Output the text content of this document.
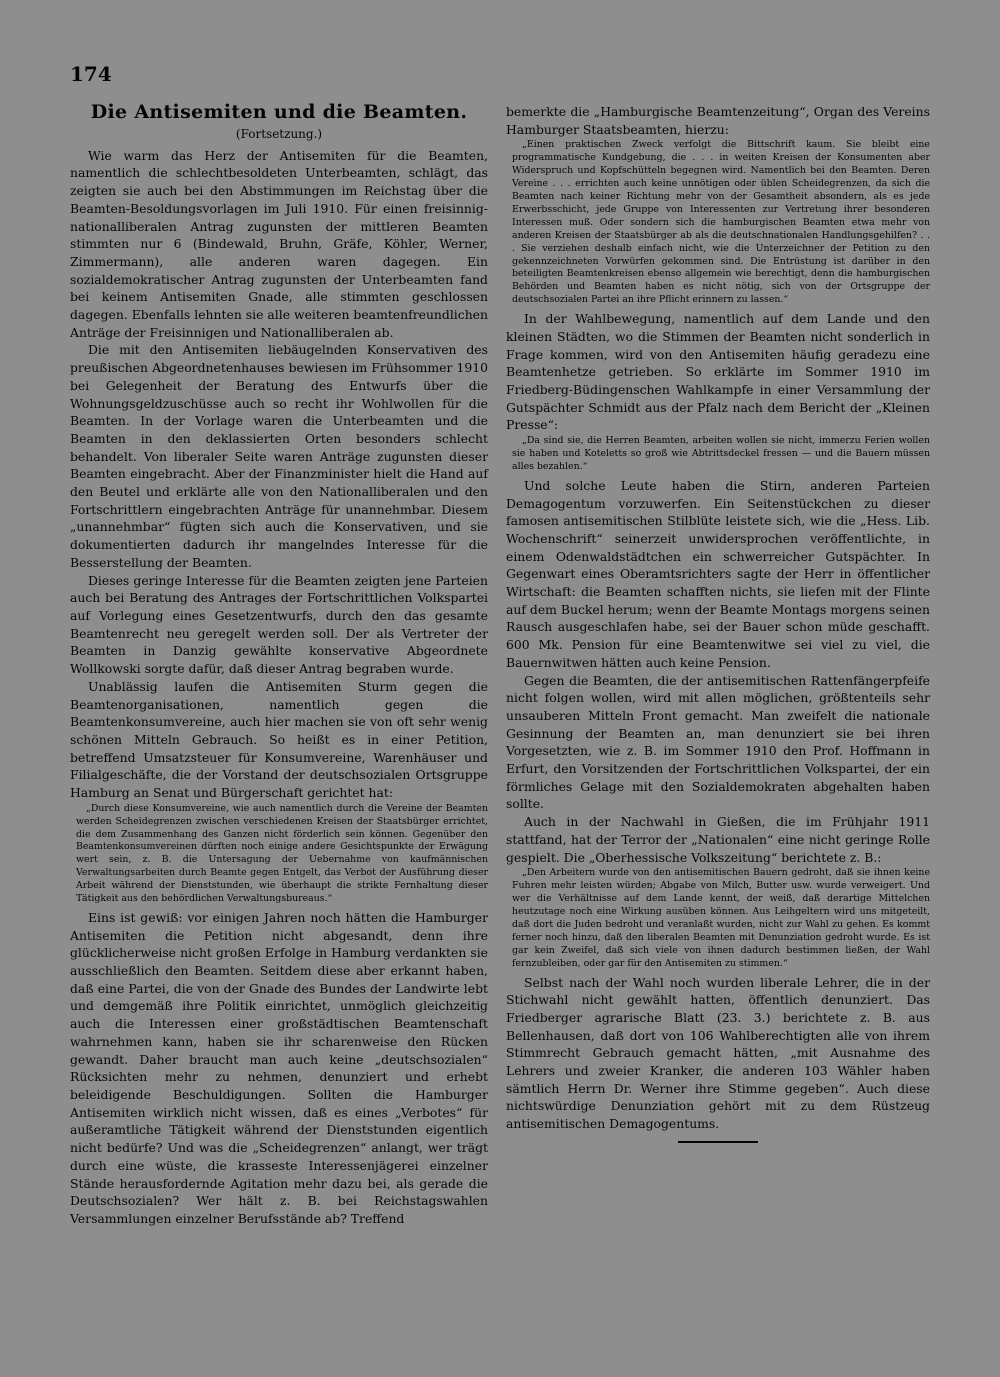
174
Die Antisemiten und die Beamten.
(Fortsetzung.)

Wie warm das Herz der Antisemiten für die Beamten, namentlich die schlechtbesoldeten Unterbeamten, schlägt, das zeigten sie auch bei den Abstimmungen im Reichstag über die Beamten-Besoldungsvorlagen im Juli 1910. Für einen freisinnig-nationalliberalen Antrag zugunsten der mittleren Beamten stimmten nur 6 (Bindewald, Bruhn, Gräfe, Köhler, Werner, Zimmermann), alle anderen waren dagegen. Ein sozialdemokratischer Antrag zugunsten der Unterbeamten fand bei keinem Antisemiten Gnade, alle stimmten geschlossen dagegen. Ebenfalls lehnten sie alle weiteren beamtenfreundlichen Anträge der Freisinnigen und Nationalliberalen ab.

Die mit den Antisemiten liebäugelnden Konservativen des preußischen Abgeordnetenhauses bewiesen im Frühsommer 1910 bei Gelegenheit der Beratung des Entwurfs über die Wohnungsgeldzuschüsse auch so recht ihr Wohlwollen für die Beamten. In der Vorlage waren die Unterbeamten und die Beamten in den deklassierten Orten besonders schlecht behandelt. Von liberaler Seite waren Anträge zugunsten dieser Beamten eingebracht. Aber der Finanzminister hielt die Hand auf den Beutel und erklärte alle von den Nationalliberalen und den Fortschrittlern eingebrachten Anträge für unannehmbar. Diesem „unannehmbar“ fügten sich auch die Konservativen, und sie dokumentierten dadurch ihr mangelndes Interesse für die Besserstellung der Beamten.

Dieses geringe Interesse für die Beamten zeigten jene Parteien auch bei Beratung des Antrages der Fortschrittlichen Volkspartei auf Vorlegung eines Gesetzentwurfs, durch den das gesamte Beamtenrecht neu geregelt werden soll. Der als Vertreter der Beamten in Danzig gewählte konservative Abgeordnete Wollkowski sorgte dafür, daß dieser Antrag begraben wurde.

Unablässig laufen die Antisemiten Sturm gegen die Beamtenorganisationen, namentlich gegen die Beamtenkonsumvereine, auch hier machen sie von oft sehr wenig schönen Mitteln Gebrauch. So heißt es in einer Petition, betreffend Umsatzsteuer für Konsumvereine, Warenhäuser und Filialgeschäfte, die der Vorstand der deutschsozialen Ortsgruppe Hamburg an Senat und Bürgerschaft gerichtet hat:

„Durch diese Konsumvereine, wie auch namentlich durch die Vereine der Beamten werden Scheidegrenzen zwischen verschiedenen Kreisen der Staatsbürger errichtet, die dem Zusammenhang des Ganzen nicht förderlich sein können. Gegenüber den Beamtenkonsumvereinen dürften noch einige andere Gesichtspunkte der Erwägung wert sein, z. B. die Untersagung der Uebernahme von kaufmännischen Verwaltungsarbeiten durch Beamte gegen Entgelt, das Verbot der Ausführung dieser Arbeit während der Dienststunden, wie überhaupt die strikte Fernhaltung dieser Tätigkeit aus den behördlichen Verwaltungsbureaus.“

Eins ist gewiß: vor einigen Jahren noch hätten die Hamburger Antisemiten die Petition nicht abgesandt, denn ihre glücklicherweise nicht großen Erfolge in Hamburg verdankten sie ausschließlich den Beamten. Seitdem diese aber erkannt haben, daß eine Partei, die von der Gnade des Bundes der Landwirte lebt und demgemäß ihre Politik einrichtet, unmöglich gleichzeitig auch die Interessen einer großstädtischen Beamtenschaft wahrnehmen kann, haben sie ihr scharenweise den Rücken gewandt. Daher braucht man auch keine „deutschsozialen“ Rücksichten mehr zu nehmen, denunziert und erhebt beleidigende Beschuldigungen. Sollten die Hamburger Antisemiten wirklich nicht wissen, daß es eines „Verbotes“ für außeramtliche Tätigkeit während der Dienststunden eigentlich nicht bedürfe? Und was die „Scheidegrenzen“ anlangt, wer trägt durch eine wüste, die krasseste Interessenjägerei einzelner Stände herausfordernde Agitation mehr dazu bei, als gerade die Deutschsozialen? Wer hält z. B. bei Reichstagswahlen Versammlungen einzelner Berufsstände ab? Treffend

bemerkte die „Hamburgische Beamtenzeitung“, Organ des Vereins Hamburger Staatsbeamten, hierzu:

„Einen praktischen Zweck verfolgt die Bittschrift kaum. Sie bleibt eine programmatische Kundgebung, die . . . in weiten Kreisen der Konsumenten aber Widerspruch und Kopfschütteln begegnen wird. Namentlich bei den Beamten. Deren Vereine . . . errichten auch keine unnötigen oder üblen Scheidegrenzen, da sich die Beamten nach keiner Richtung mehr von der Gesamtheit absondern, als es jede Erwerbsschicht, jede Gruppe von Interessenten zur Vertretung ihrer besonderen Interessen muß. Oder sondern sich die hamburgischen Beamten etwa mehr von anderen Kreisen der Staatsbürger ab als die deutschnationalen Handlungsgehilfen? . . . Sie verziehen deshalb einfach nicht, wie die Unterzeichner der Petition zu den gekennzeichneten Vorwürfen gekommen sind. Die Entrüstung ist darüber in den beteiligten Beamtenkreisen ebenso allgemein wie berechtigt, denn die hamburgischen Behörden und Beamten haben es nicht nötig, sich von der Ortsgruppe der deutschsozialen Partei an ihre Pflicht erinnern zu lassen.“

In der Wahlbewegung, namentlich auf dem Lande und den kleinen Städten, wo die Stimmen der Beamten nicht sonderlich in Frage kommen, wird von den Antisemiten häufig geradezu eine Beamtenhetze getrieben. So erklärte im Sommer 1910 im Friedberg-Büdingenschen Wahlkampfe in einer Versammlung der Gutspächter Schmidt aus der Pfalz nach dem Bericht der „Kleinen Presse“:

„Da sind sie, die Herren Beamten, arbeiten wollen sie nicht, immerzu Ferien wollen sie haben und Koteletts so groß wie Abtrittsdeckel fressen — und die Bauern müssen alles bezahlen.“

Und solche Leute haben die Stirn, anderen Parteien Demagogentum vorzuwerfen. Ein Seitenstückchen zu dieser famosen antisemitischen Stilblüte leistete sich, wie die „Hess. Lib. Wochenschrift“ seinerzeit unwidersprochen veröffentlichte, in einem Odenwaldstädtchen ein schwerreicher Gutspächter. In Gegenwart eines Oberamtsrichters sagte der Herr in öffentlicher Wirtschaft: die Beamten schafften nichts, sie liefen mit der Flinte auf dem Buckel herum; wenn der Beamte Montags morgens seinen Rausch ausgeschlafen habe, sei der Bauer schon müde geschafft. 600 Mk. Pension für eine Beamtenwitwe sei viel zu viel, die Bauernwitwen hätten auch keine Pension.

Gegen die Beamten, die der antisemitischen Rattenfängerpfeife nicht folgen wollen, wird mit allen möglichen, größtenteils sehr unsauberen Mitteln Front gemacht. Man zweifelt die nationale Gesinnung der Beamten an, man denunziert sie bei ihren Vorgesetzten, wie z. B. im Sommer 1910 den Prof. Hoffmann in Erfurt, den Vorsitzenden der Fortschrittlichen Volkspartei, der ein förmliches Gelage mit den Sozialdemokraten abgehalten haben sollte.

Auch in der Nachwahl in Gießen, die im Frühjahr 1911 stattfand, hat der Terror der „Nationalen“ eine nicht geringe Rolle gespielt. Die „Oberhessische Volkszeitung“ berichtete z. B.:

„Den Arbeitern wurde von den antisemitischen Bauern gedroht, daß sie ihnen keine Fuhren mehr leisten würden; Abgabe von Milch, Butter usw. wurde verweigert. Und wer die Verhältnisse auf dem Lande kennt, der weiß, daß derartige Mittelchen heutzutage noch eine Wirkung ausüben können. Aus Leihgeltern wird uns mitgeteilt, daß dort die Juden bedroht und veranlaßt wurden, nicht zur Wahl zu gehen. Es kommt ferner noch hinzu, daß den liberalen Beamten mit Denunziation gedroht wurde. Es ist gar kein Zweifel, daß sich viele von ihnen dadurch bestimmen ließen, der Wahl fernzubleiben, oder gar für den Antisemiten zu stimmen.“

Selbst nach der Wahl noch wurden liberale Lehrer, die in der Stichwahl nicht gewählt hatten, öffentlich denunziert. Das Friedberger agrarische Blatt (23. 3.) berichtete z. B. aus Bellenhausen, daß dort von 106 Wahlberechtigten alle von ihrem Stimmrecht Gebrauch gemacht hätten, „mit Ausnahme des Lehrers und zweier Kranker, die anderen 103 Wähler haben sämtlich Herrn Dr. Werner ihre Stimme gegeben“. Auch diese nichtswürdige Denunziation gehört mit zu dem Rüstzeug antisemitischen Demagogentums.
